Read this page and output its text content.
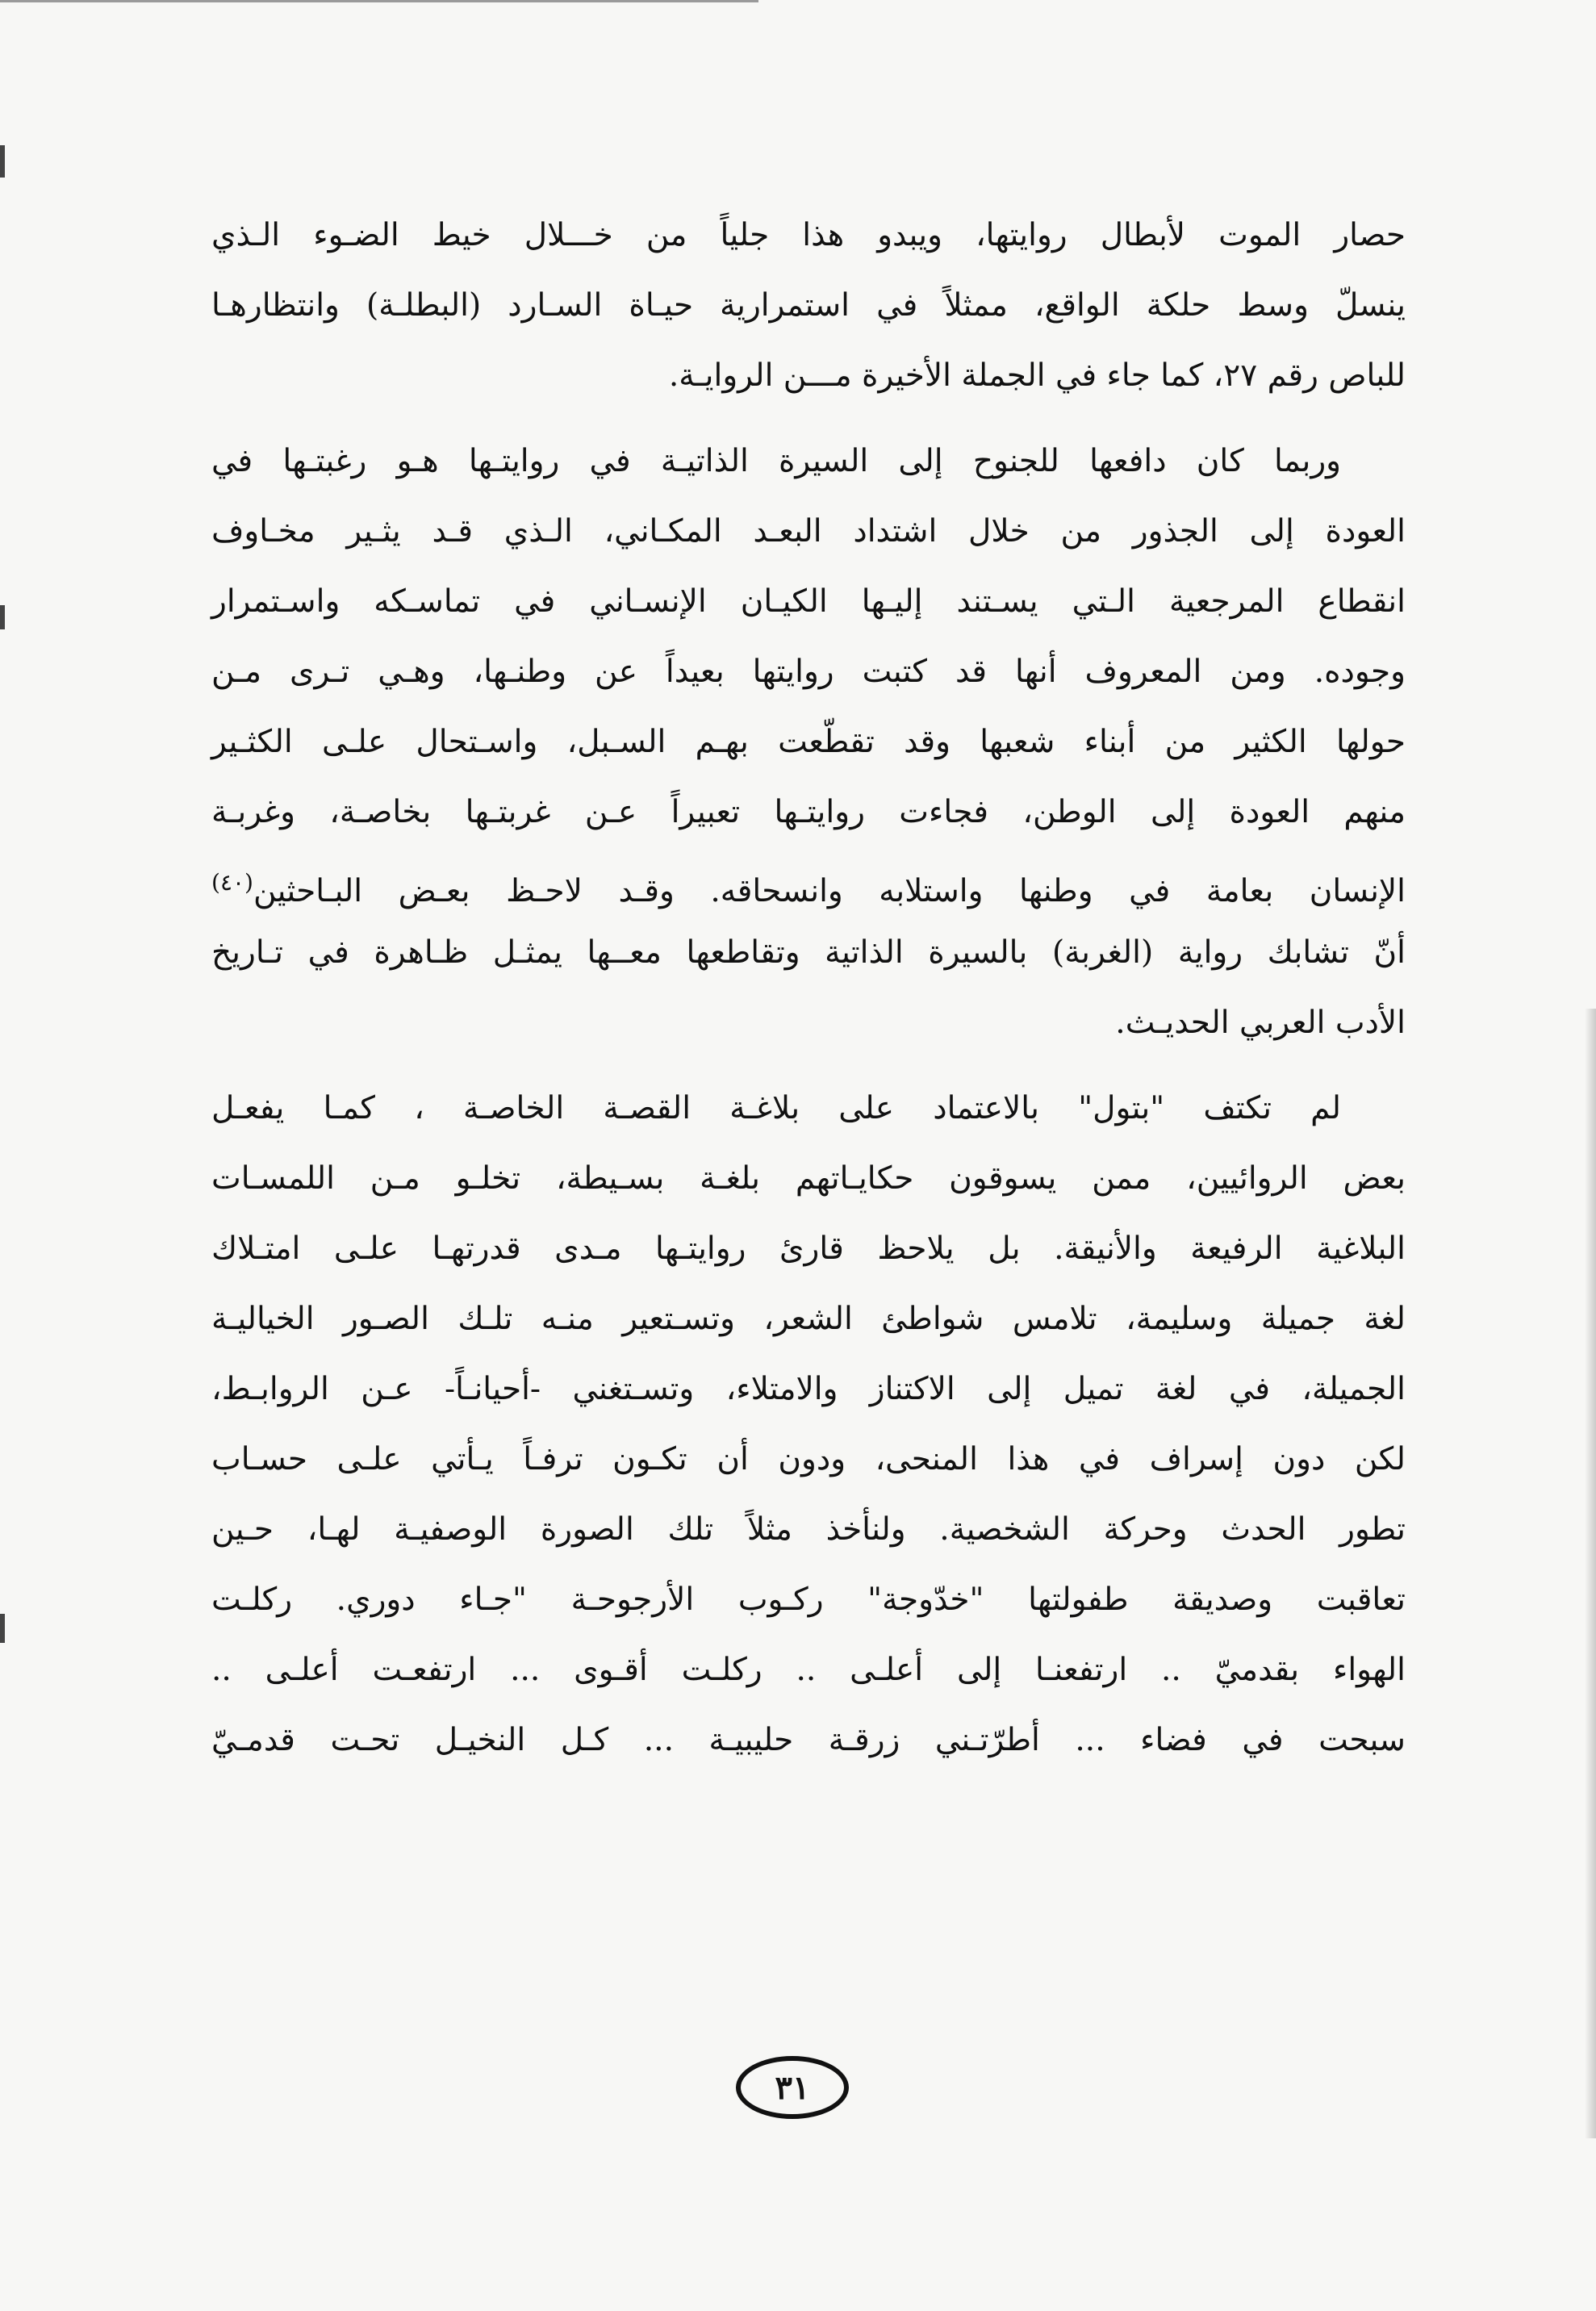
حصار الموت لأبطال روايتها، ويبدو هذا جلياً من خـــلال خيط الضـوء الـذي
ينسلّ وسط حلكة الواقع، ممثلاً في استمرارية حيـاة السـارد (البطلـة) وانتظارهـا
للباص رقم ٢٧، كما جاء في الجملة الأخيرة مـــن الروايـة.
وربما كان دافعها للجنوح إلى السيرة الذاتيـة في روايتـها هـو رغبتـها في
العودة إلى الجذور من خلال اشتداد البعـد المكـاني، الـذي قـد يثـير مخـاوف
انقطاع المرجعية الـتي يسـتند إليـها الكيـان الإنسـاني في تماسـكه واسـتمرار
وجوده. ومن المعروف أنها قد كتبت روايتها بعيداً عن وطنـها، وهـي تـرى مـن
حولها الكثير من أبناء شعبها وقد تقطّعت بهـم السـبل، واسـتحال علـى الكثـير
منهم العودة إلى الوطن، فجاءت روايتـها تعبيراً عـن غربتـها بخاصـة، وغربـة
الإنسان بعامة في وطنها واستلابه وانسحاقه. وقـد لاحـظ بعـض البـاحثين$^{(٤٠)}$
أنّ تشابك رواية (الغربة) بالسيرة الذاتية وتقاطعها معــها يمثـل ظـاهرة في تـاريخ
الأدب العربي الحديـث.
لم تكتف "بتول" بالاعتماد على بلاغـة القصـة الخاصـة ، كمـا يفعـل
بعض الروائيين، ممن يسوقون حكايـاتهم بلغـة بسـيطة، تخلـو مـن اللمسـات
البلاغية الرفيعة والأنيقة. بل يلاحظ قارئ روايتـها مـدى قدرتهـا علـى امتـلاك
لغة جميلة وسليمة، تلامس شواطئ الشعر، وتسـتعير منـه تلـك الصـور الخياليـة
الجميلة، في لغة تميل إلى الاكتناز والامتلاء، وتسـتغني -أحيانـاً- عـن الروابـط،
لكن دون إسراف في هذا المنحى، ودون أن تكـون ترفـاً يـأتي علـى حسـاب
تطور الحدث وحركة الشخصية. ولنأخذ مثلاً تلك الصورة الوصفيـة لهـا، حـين
تعاقبت وصديقة طفولتها "خدّوجة" ركـوب الأرجوحـة "جـاء دوري. ركلـت
الهواء بقدميّ .. ارتفعنـا إلى أعلـى .. ركلـت أقـوى ... ارتفعـت أعلـى ..
سبحت في فضاء ... أطرّتـني زرقـة حليبيـة ... كـل النخيـل تحـت قدمـيّ
٣١
